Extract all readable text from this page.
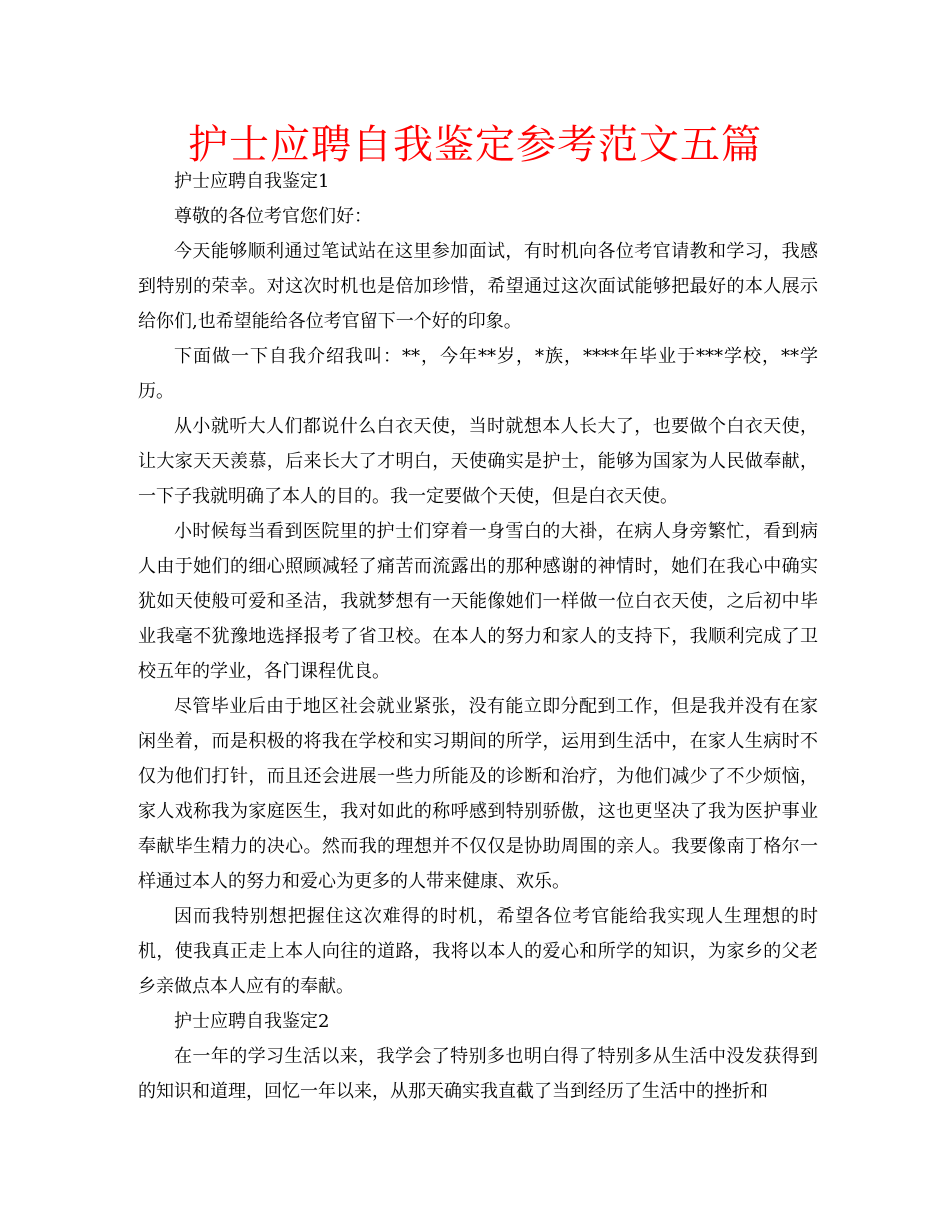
护士应聘自我鉴定参考范文五篇

护士应聘自我鉴定1

尊敬的各位考官您们好：

今天能够顺利通过笔试站在这里参加面试，有时机向各位考官请教和学习，我感到特别的荣幸。对这次时机也是倍加珍惜，希望通过这次面试能够把最好的本人展示给你们,也希望能给各位考官留下一个好的印象。

下面做一下自我介绍我叫：**，今年**岁，*族，****年毕业于***学校，**学历。

从小就听大人们都说什么白衣天使，当时就想本人长大了，也要做个白衣天使，让大家天天羡慕，后来长大了才明白，天使确实是护士，能够为国家为人民做奉献，一下子我就明确了本人的目的。我一定要做个天使，但是白衣天使。

小时候每当看到医院里的护士们穿着一身雪白的大褂，在病人身旁繁忙，看到病人由于她们的细心照顾减轻了痛苦而流露出的那种感谢的神情时，她们在我心中确实犹如天使般可爱和圣洁，我就梦想有一天能像她们一样做一位白衣天使，之后初中毕业我毫不犹豫地选择报考了省卫校。在本人的努力和家人的支持下，我顺利完成了卫校五年的学业，各门课程优良。

尽管毕业后由于地区社会就业紧张，没有能立即分配到工作，但是我并没有在家闲坐着，而是积极的将我在学校和实习期间的所学，运用到生活中，在家人生病时不仅为他们打针，而且还会进展一些力所能及的诊断和治疗，为他们减少了不少烦恼，家人戏称我为家庭医生，我对如此的称呼感到特别骄傲，这也更坚决了我为医护事业奉献毕生精力的决心。然而我的理想并不仅仅是协助周围的亲人。我要像南丁格尔一样通过本人的努力和爱心为更多的人带来健康、欢乐。

因而我特别想把握住这次难得的时机，希望各位考官能给我实现人生理想的时机，使我真正走上本人向往的道路，我将以本人的爱心和所学的知识，为家乡的父老乡亲做点本人应有的奉献。

护士应聘自我鉴定2

在一年的学习生活以来，我学会了特别多也明白得了特别多从生活中没发获得到的知识和道理，回忆一年以来，从那天确实我直截了当到经历了生活中的挫折和
